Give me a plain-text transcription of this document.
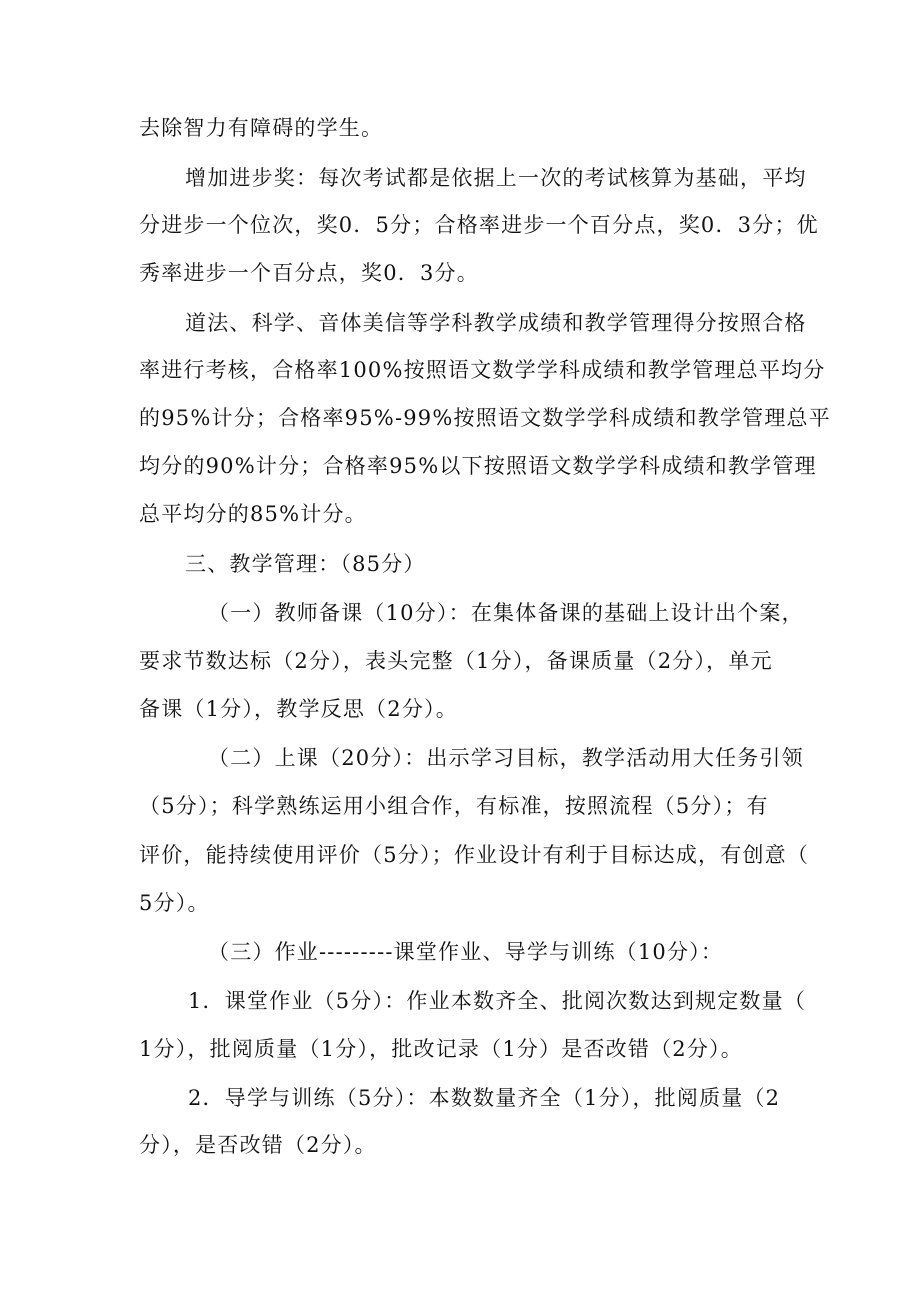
去除智力有障碍的学生。
增加进步奖：每次考试都是依据上一次的考试核算为基础，平均
分进步一个位次，奖0．5分；合格率进步一个百分点，奖0．3分；优
秀率进步一个百分点，奖0．3分。
道法、科学、音体美信等学科教学成绩和教学管理得分按照合格
率进行考核，合格率100%按照语文数学学科成绩和教学管理总平均分
的95%计分；合格率95%-99%按照语文数学学科成绩和教学管理总平
均分的90%计分；合格率95%以下按照语文数学学科成绩和教学管理
总平均分的85%计分。
三、教学管理：（85分）
（一）教师备课（10分）：在集体备课的基础上设计出个案，
要求节数达标（2分），表头完整（1分），备课质量（2分），单元
备课（1分），教学反思（2分）。
（二）上课（20分）：出示学习目标，教学活动用大任务引领
（5分）；科学熟练运用小组合作，有标准，按照流程（5分）；有
评价，能持续使用评价（5分）；作业设计有利于目标达成，有创意（
5分）。
（三）作业---------课堂作业、导学与训练（10分）：
1．课堂作业（5分）：作业本数齐全、批阅次数达到规定数量（
1分），批阅质量（1分），批改记录（1分）是否改错（2分）。
2．导学与训练（5分）：本数数量齐全（1分），批阅质量（2
分），是否改错（2分）。
